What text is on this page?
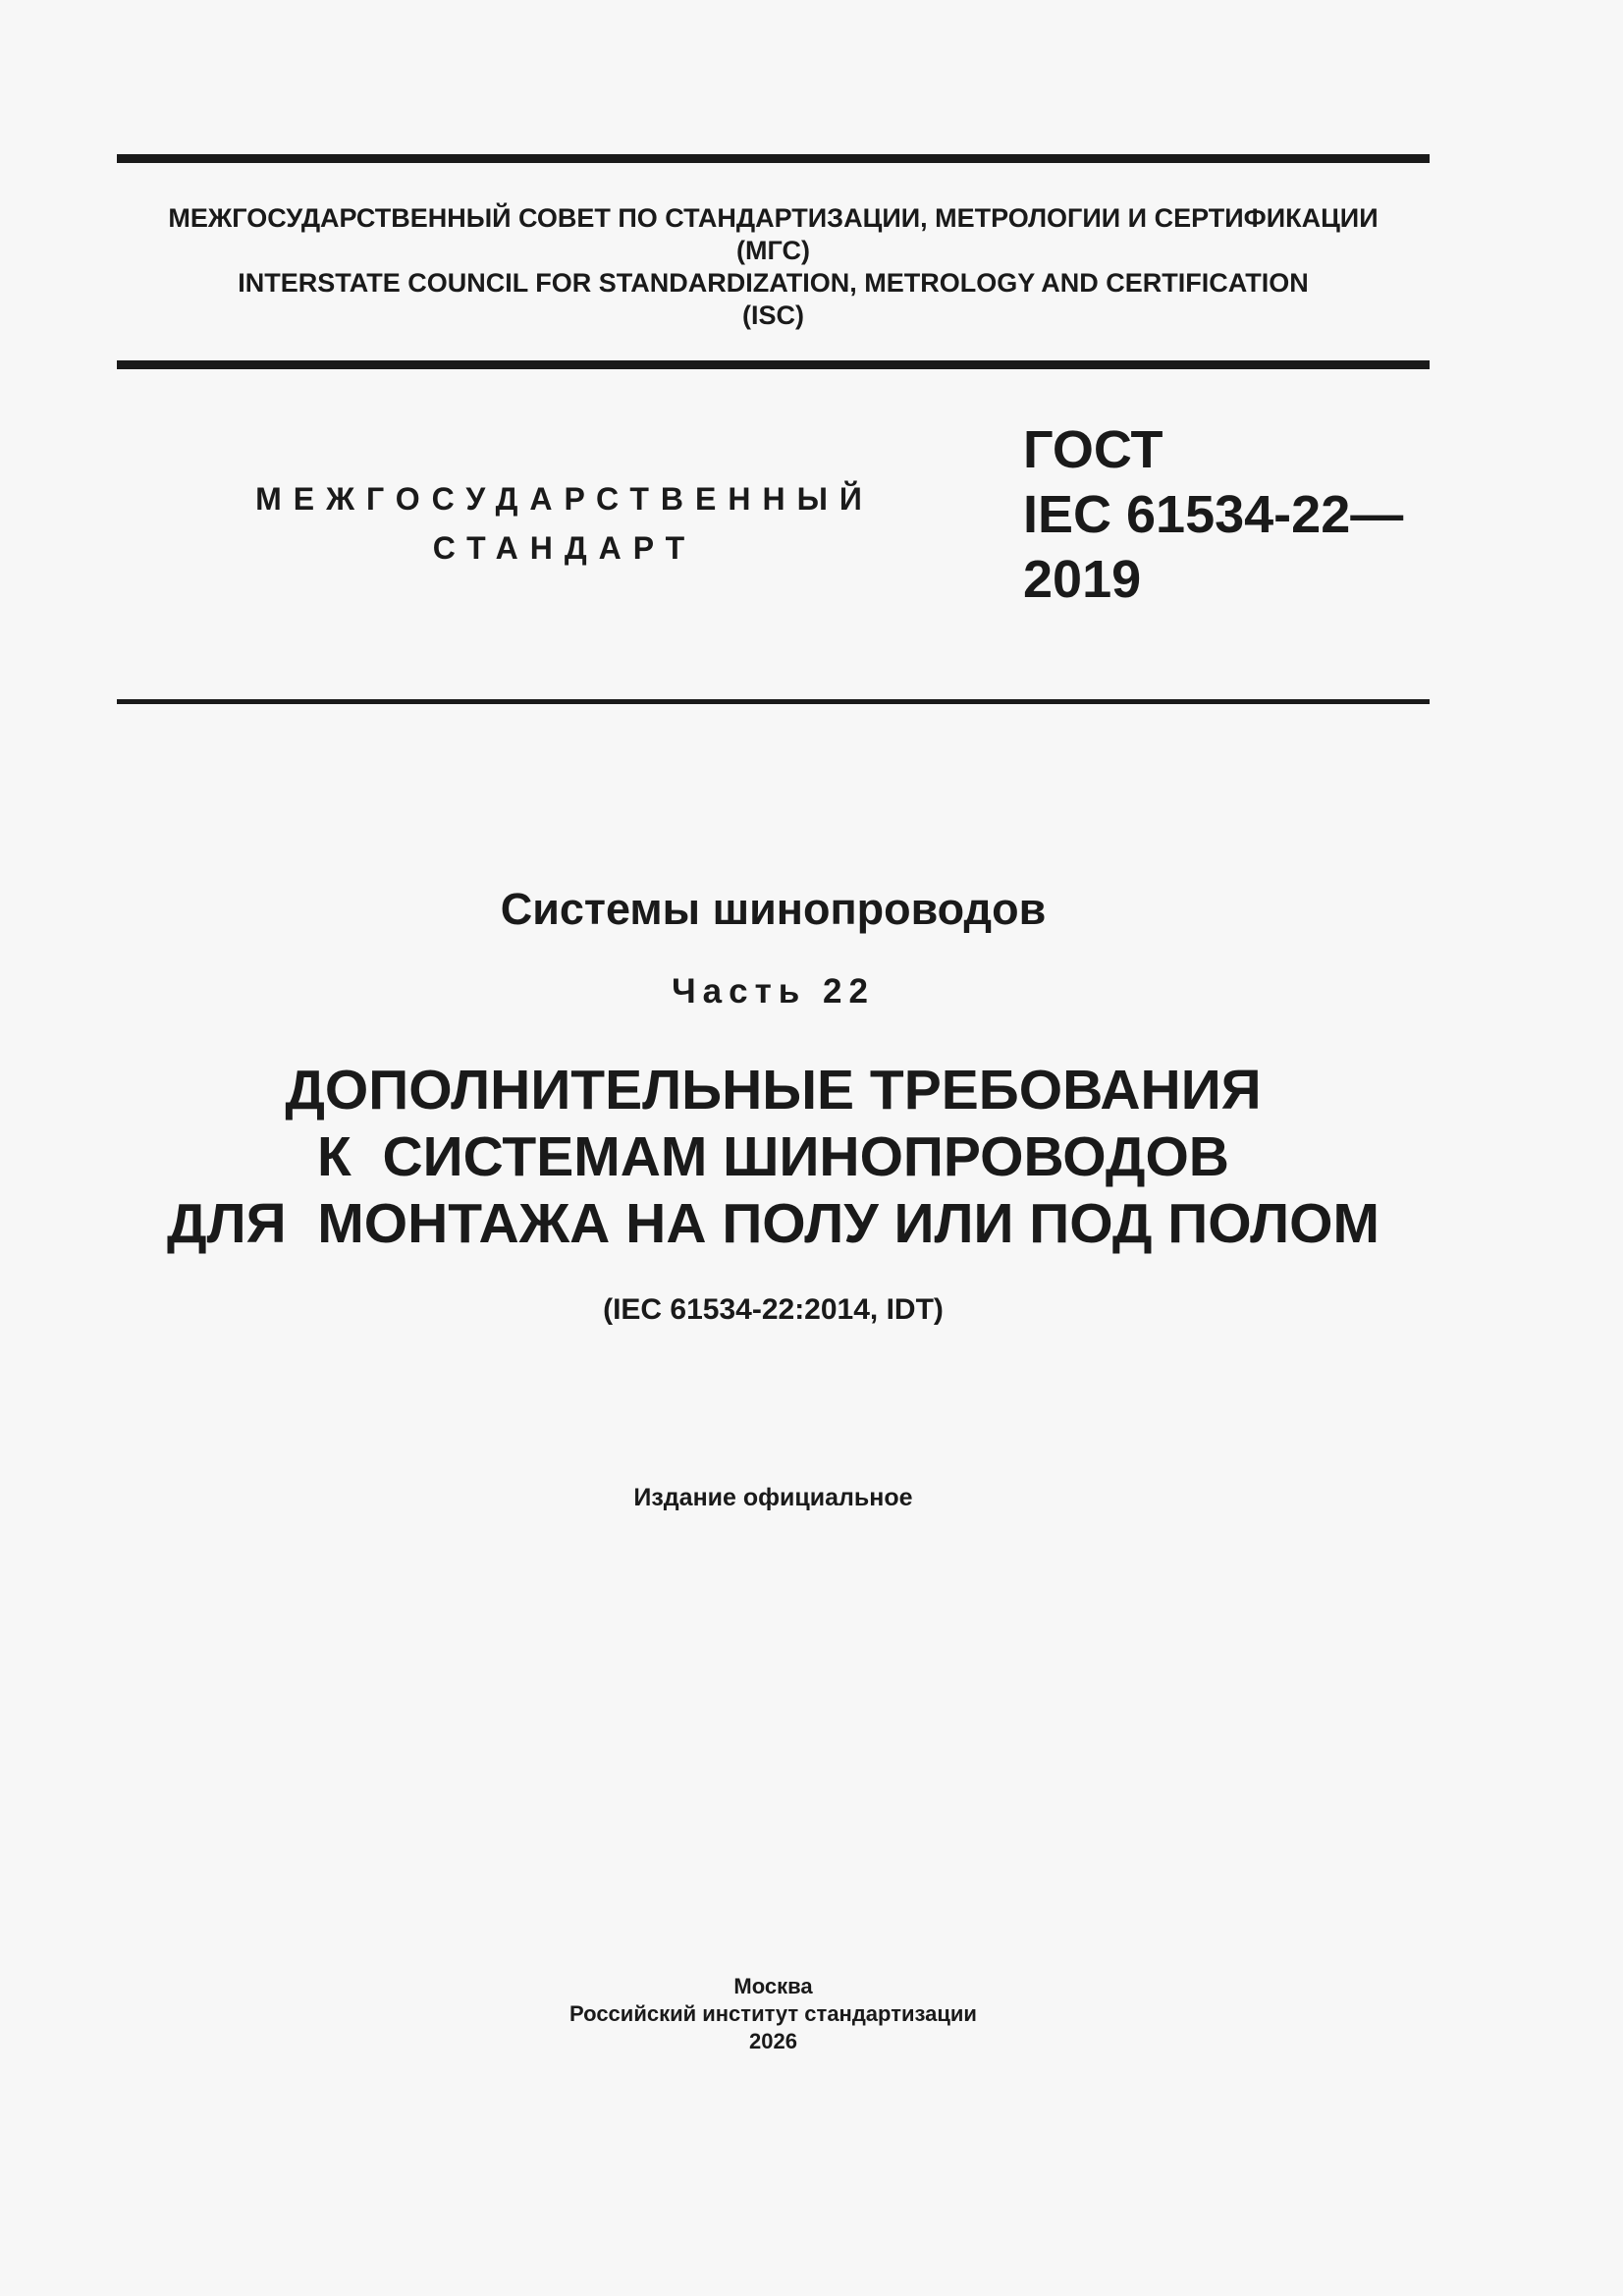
МЕЖГОСУДАРСТВЕННЫЙ СОВЕТ ПО СТАНДАРТИЗАЦИИ, МЕТРОЛОГИИ И СЕРТИФИКАЦИИ
(МГС)
INTERSTATE COUNCIL FOR STANDARDIZATION, METROLOGY AND CERTIFICATION
(ISC)
МЕЖГОСУДАРСТВЕННЫЙ
СТАНДАРТ
ГОСТ
IEC 61534-22—
2019
Системы шинопроводов
Часть 22
ДОПОЛНИТЕЛЬНЫЕ ТРЕБОВАНИЯ
К  СИСТЕМАМ ШИНОПРОВОДОВ
ДЛЯ  МОНТАЖА НА ПОЛУ ИЛИ ПОД ПОЛОМ
(IEC 61534-22:2014, IDT)
Издание официальное
Москва
Российский институт стандартизации
2026
